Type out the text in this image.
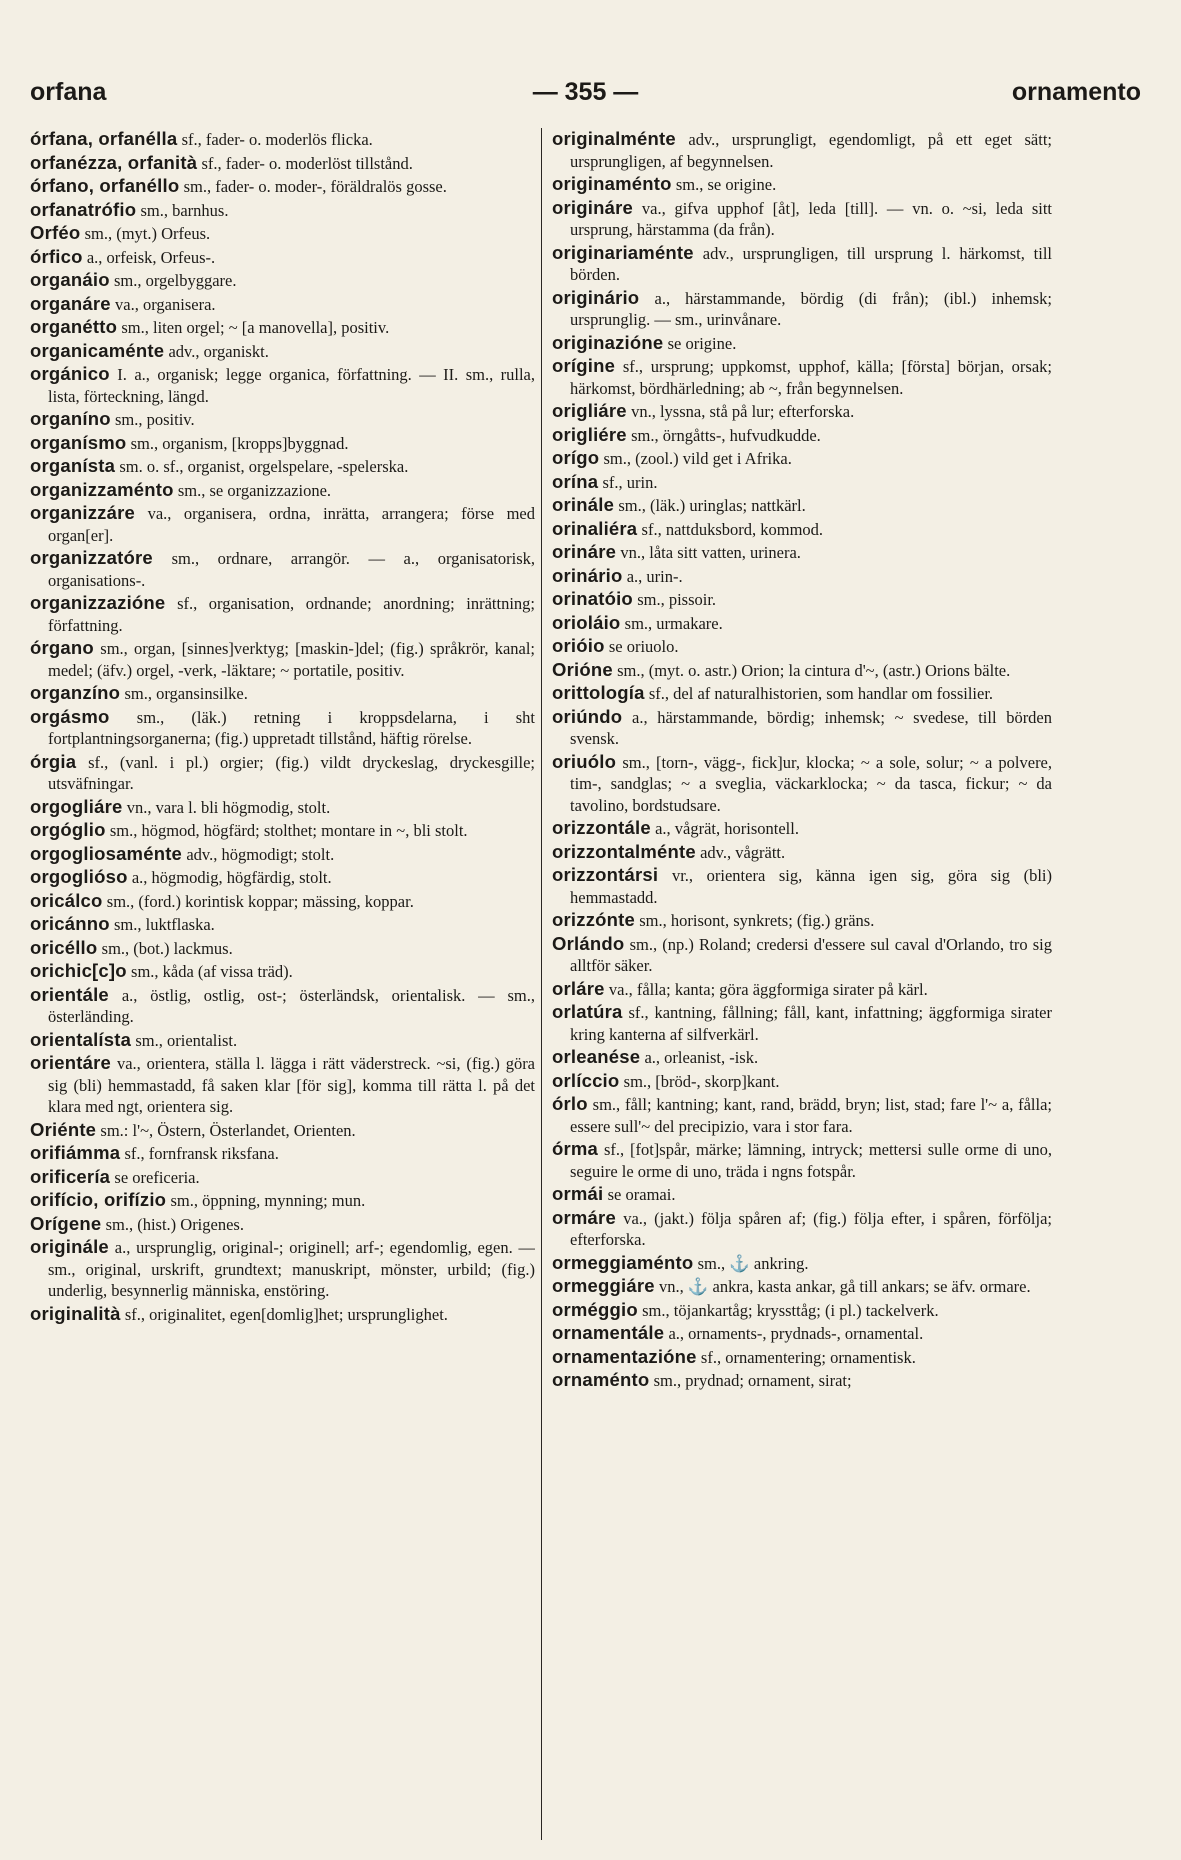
orfana	— 355 —	ornamento
órfana, orfanélla sf., fader- o. moderlös flicka.
orfanézza, orfanità sf., fader- o. moderlöst tillstånd.
órfano, orfanéllo sm., fader- o. moder-, föräldralös gosse.
orfanatrófio sm., barnhus.
Orféo sm., (myt.) Orfeus.
órfico a., orfeisk, Orfeus-.
organáio sm., orgelbyggare.
organáre va., organisera.
organétto sm., liten orgel; ~ [a manovella], positiv.
organicaménte adv., organiskt.
orgánico I. a., organisk; legge organica, författning. — II. sm., rulla, lista, förteckning, längd.
organíno sm., positiv.
organísmo sm., organism, [kropps]byggnad.
organísta sm. o. sf., organist, orgelspelare, -spelerska.
organizzaménto sm., se organizzazione.
organizzáre va., organisera, ordna, inrätta, arrangera; förse med organ[er].
organizzatóre sm., ordnare, arrangör. — a., organisatorisk, organisations-.
organizzazióne sf., organisation, ordnande; anordning; inrättning; författning.
órgano sm., organ, [sinnes]verktyg; [maskin-]del; (fig.) språkrör, kanal; medel; (äfv.) orgel, -verk, -läktare; ~ portatile, positiv.
organzíno sm., organsinsilke.
orgásmo sm., (läk.) retning i kroppsdelarna, i sht fortplantningsorganerna; (fig.) uppretadt tillstånd, häftig rörelse.
órgia sf., (vanl. i pl.) orgier; (fig.) vildt dryckeslag, dryckesgille; utsväfningar.
orgogliáre vn., vara l. bli högmodig, stolt.
orgóglio sm., högmod, högfärd; stolthet; montare in ~, bli stolt.
orgogliosaménte adv., högmodigt; stolt.
orgoglióso a., högmodig, högfärdig, stolt.
oricálco sm., (ford.) korintisk koppar; mässing, koppar.
oricánno sm., luktflaska.
oricéllo sm., (bot.) lackmus.
orichic[c]o sm., kåda (af vissa träd).
orientále a., östlig, ostlig, ost-; österländsk, orientalisk. — sm., österländing.
orientalísta sm., orientalist.
orientáre va., orientera, ställa l. lägga i rätt väderstreck. ~si, (fig.) göra sig (bli) hemmastadd, få saken klar [för sig], komma till rätta l. på det klara med ngt, orientera sig.
Oriénte sm.: l'~, Östern, Österlandet, Orienten.
orifiámma sf., fornfransk riksfana.
orificería se oreficeria.
orifício, orifízio sm., öppning, mynning; mun.
Orígene sm., (hist.) Origenes.
originále a., ursprunglig, original-; originell; arf-; egendomlig, egen. — sm., original, urskrift, grundtext; manuskript, mönster, urbild; (fig.) underlig, besynnerlig människa, enstöring.
originalità sf., originalitet, egen[domlig]het; ursprunglighet.
originalménte adv., ursprungligt, egendomligt, på ett eget sätt; ursprungligen, af begynnelsen.
originaménto sm., se origine.
origináre va., gifva upphof [åt], leda [till]. — vn. o. ~si, leda sitt ursprung, härstamma (da från).
originariaménte adv., ursprungligen, till ursprung l. härkomst, till börden.
originário a., härstammande, bördig (di från); (ibl.) inhemsk; ursprunglig. — sm., urinvånare.
originazióne se origine.
orígine sf., ursprung; uppkomst, upphof, källa; [första] början, orsak; härkomst, bördhärledning; ab ~, från begynnelsen.
origliáre vn., lyssna, stå på lur; efterforska.
origliére sm., örngåtts-, hufvudkudde.
orígo sm., (zool.) vild get i Afrika.
orína sf., urin.
orinále sm., (läk.) uringlas; nattkärl.
orinaliéra sf., nattduksbord, kommod.
orináre vn., låta sitt vatten, urinera.
orinário a., urin-.
orinatóio sm., pissoir.
orioláio sm., urmakare.
orióio se oriuolo.
Orióne sm., (myt. o. astr.) Orion; la cintura d'~, (astr.) Orions bälte.
orittología sf., del af naturalhistorien, som handlar om fossilier.
oriúndo a., härstammande, bördig; inhemsk; ~ svedese, till börden svensk.
oriuólo sm., [torn-, vägg-, fick]ur, klocka; ~ a sole, solur; ~ a polvere, tim-, sandglas; ~ a sveglia, väckarklocka; ~ da tasca, fickur; ~ da tavolino, bordstudsare.
orizzontále a., vågrät, horisontell.
orizzontalménte adv., vågrätt.
orizzontársi vr., orientera sig, känna igen sig, göra sig (bli) hemmastadd.
orizzónte sm., horisont, synkrets; (fig.) gräns.
Orlándo sm., (np.) Roland; credersi d'essere sul caval d'Orlando, tro sig alltför säker.
orláre va., fålla; kanta; göra äggformiga sirater på kärl.
orlatúra sf., kantning, fållning; fåll, kant, infattning; äggformiga sirater kring kanterna af silfverkärl.
orleanése a., orleanist, -isk.
orlíccio sm., [bröd-, skorp]kant.
órlo sm., fåll; kantning; kant, rand, brädd, bryn; list, stad; fare l'~ a, fålla; essere sull'~ del precipizio, vara i stor fara.
órma sf., [fot]spår, märke; lämning, intryck; mettersi sulle orme di uno, seguire le orme di uno, träda i ngns fotspår.
ormái se oramai.
ormáre va., (jakt.) följa spåren af; (fig.) följa efter, i spåren, förfölja; efterforska.
ormeggiaménto sm., ⚓ ankring.
ormeggiáre vn., ⚓ ankra, kasta ankar, gå till ankars; se äfv. ormare.
orméggio sm., töjankartåg; kryssttåg; (i pl.) tackelverk.
ornamentále a., ornaments-, prydnads-, ornamental.
ornamentazióne sf., ornamentering; ornamentisk.
ornaménto sm., prydnad; ornament, sirat;
